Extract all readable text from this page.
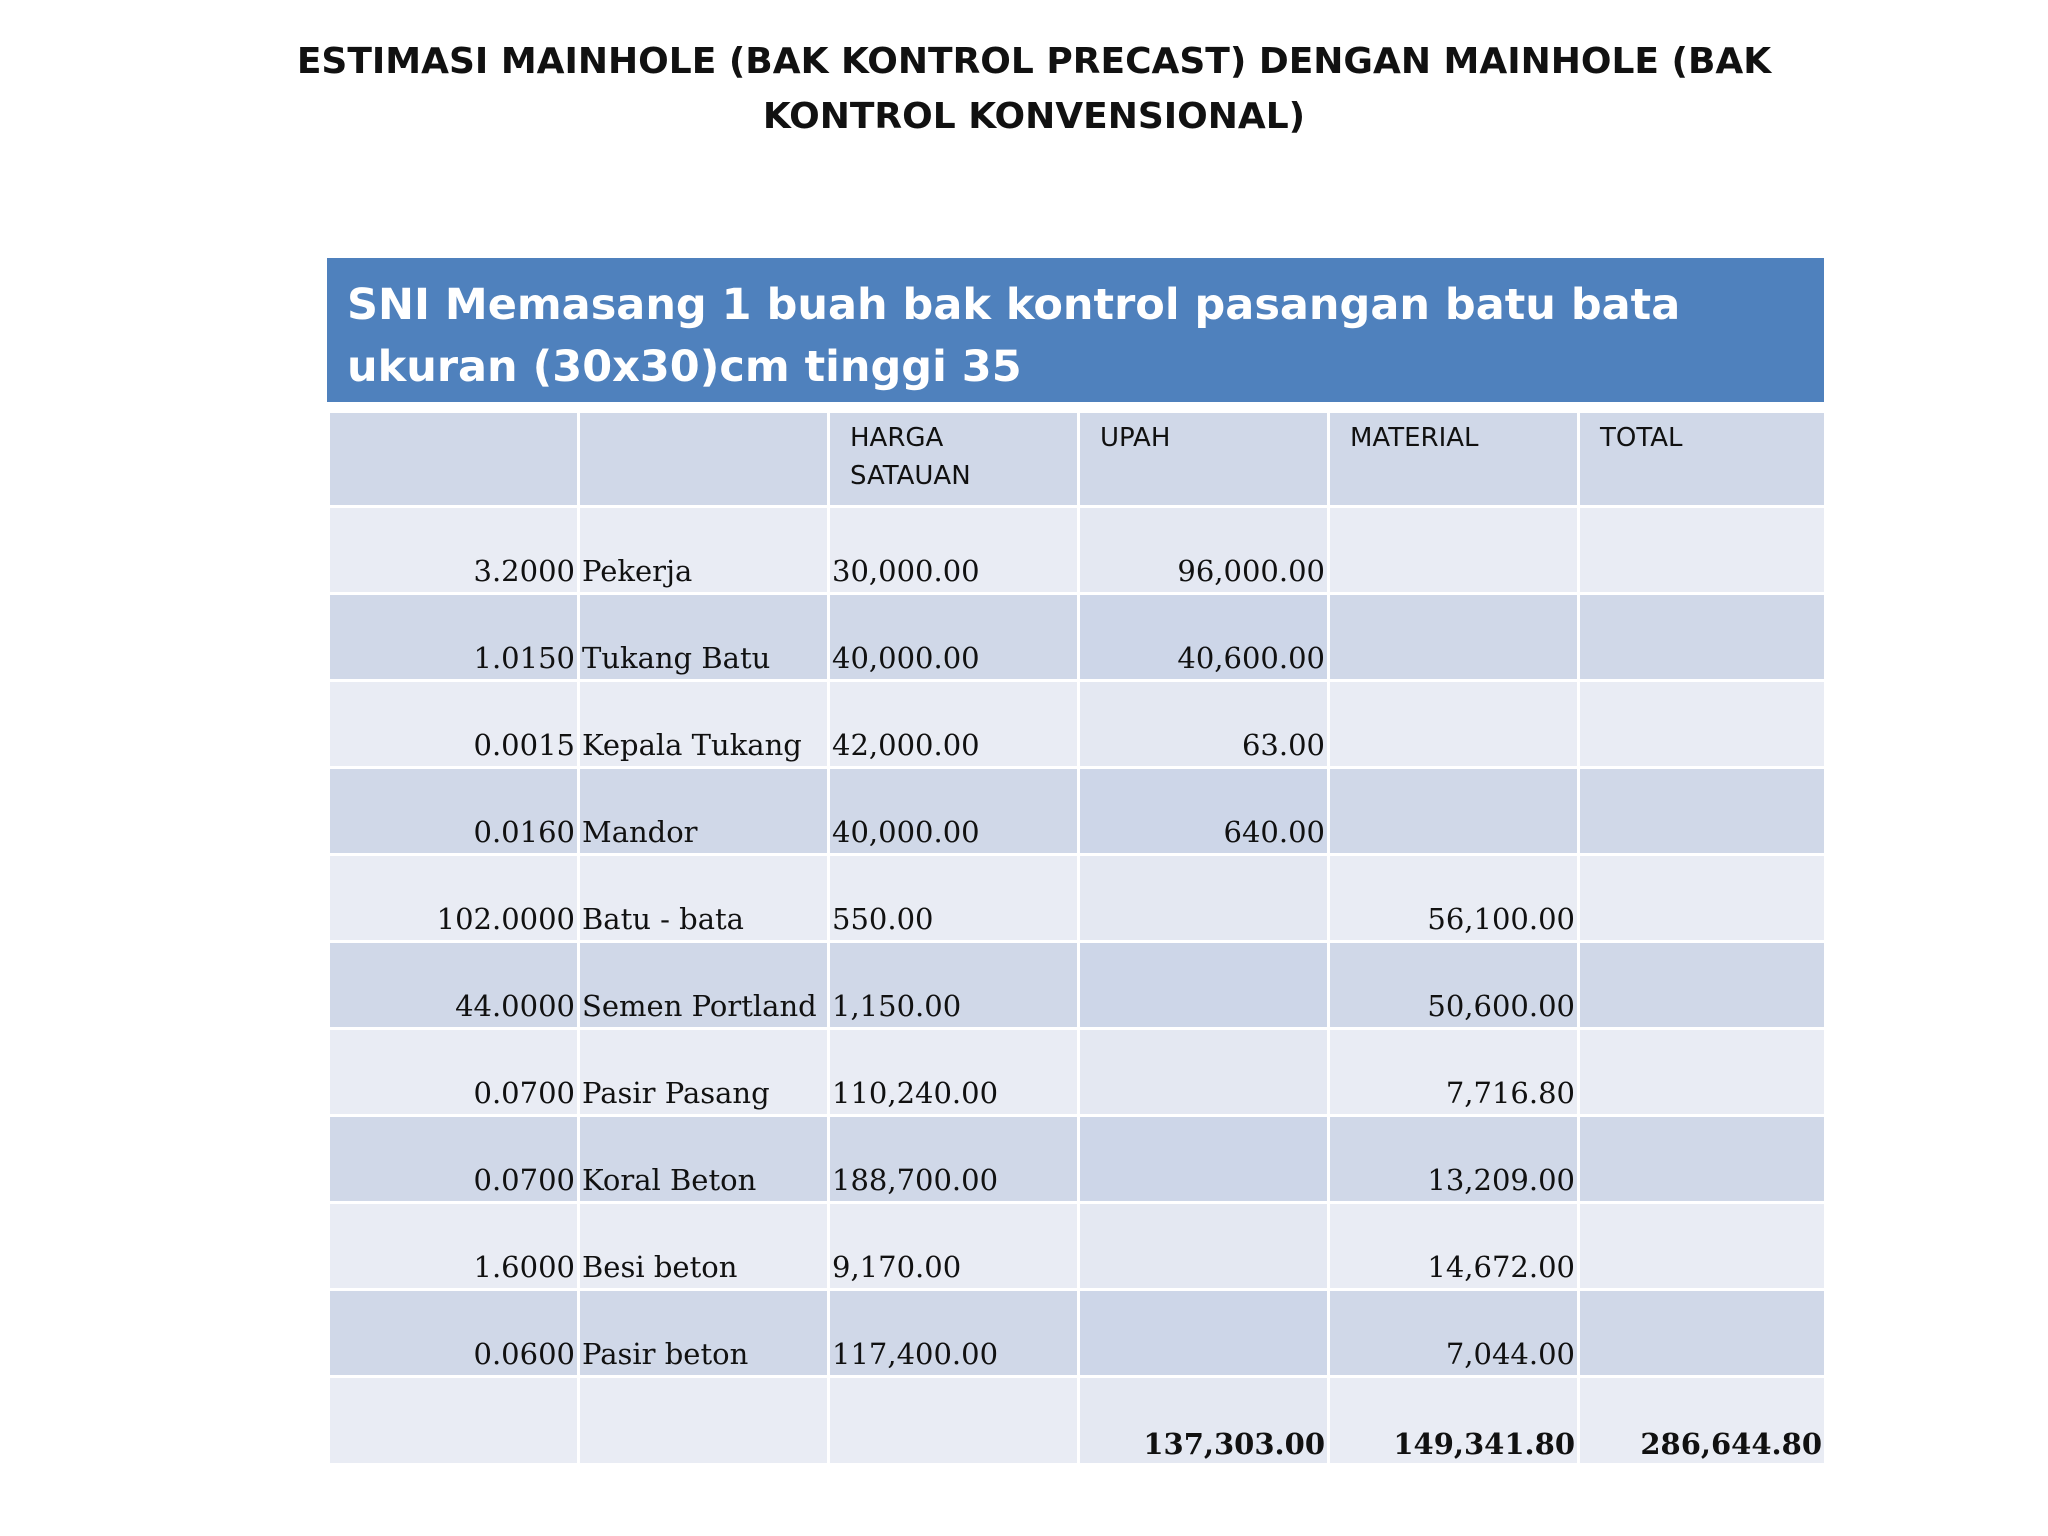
ESTIMASI MAINHOLE (BAK KONTROL PRECAST) DENGAN MAINHOLE (BAK KONTROL KONVENSIONAL)
SNI Memasang 1 buah bak kontrol pasangan batu bata ukuran (30x30)cm tinggi 35
		HARGA SATAUAN	UPAH	MATERIAL	TOTAL
3.2000	Pekerja	30,000.00	96,000.00		
1.0150	Tukang Batu	40,000.00	40,600.00		
0.0015	Kepala Tukang	42,000.00	63.00		
0.0160	Mandor	40,000.00	640.00		
102.0000	Batu - bata	550.00		56,100.00	
44.0000	Semen Portland	1,150.00		50,600.00	
0.0700	Pasir Pasang	110,240.00		7,716.80	
0.0700	Koral Beton	188,700.00		13,209.00	
1.6000	Besi beton	9,170.00		14,672.00	
0.0600	Pasir beton	117,400.00		7,044.00	
			137,303.00	149,341.80	286,644.80
